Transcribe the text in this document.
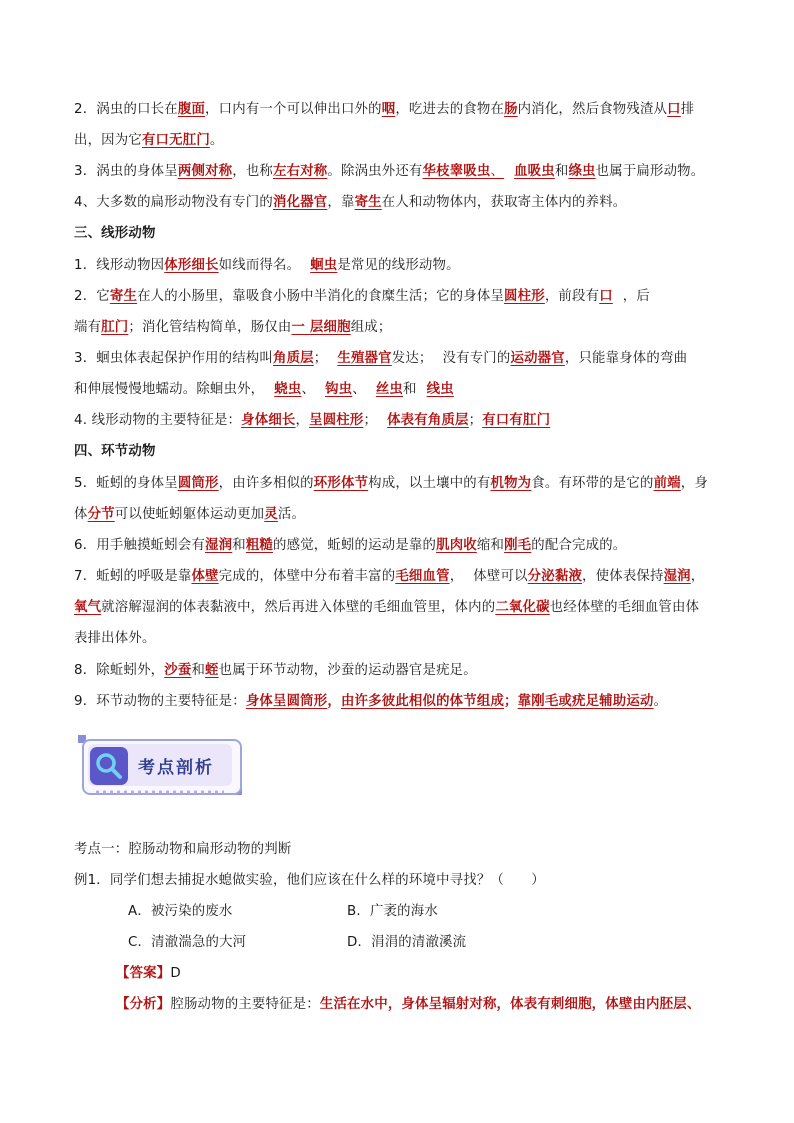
2．涡虫的口长在腹面，口内有一个可以伸出口外的咽，吃进去的食物在肠内消化，然后食物残渣从口排
出，因为它有口无肛门。
3．涡虫的身体呈两侧对称，也称左右对称。除涡虫外还有华枝睾吸虫、 血吸虫和绦虫也属于扁形动物。
4、大多数的扁形动物没有专门的消化器官，靠寄生在人和动物体内，获取寄主体内的养料。
三、线形动物
1．线形动物因体形细长如线而得名。 蛔虫是常见的线形动物。
2．它寄生在人的小肠里，靠吸食小肠中半消化的食糜生活；它的身体呈圆柱形，前段有口 ，后
端有肛门；消化管结构简单，肠仅由一 层细胞组成；
3．蛔虫体表起保护作用的结构叫角质层； 生殖器官发达； 没有专门的运动器官，只能靠身体的弯曲
和伸展慢慢地蠕动。除蛔虫外， 蛲虫、 钩虫、 丝虫和 线虫
4. 线形动物的主要特征是：身体细长，呈圆柱形； 体表有角质层；有口有肛门
四、环节动物
5．蚯蚓的身体呈圆筒形，由许多相似的环形体节构成，以土壤中的有机物为食。有环带的是它的前端，身
体分节可以使蚯蚓躯体运动更加灵活。
6．用手触摸蚯蚓会有湿润和粗糙的感觉，蚯蚓的运动是靠的肌肉收缩和刚毛的配合完成的。
7．蚯蚓的呼吸是靠体壁完成的，体壁中分布着丰富的毛细血管， 体壁可以分泌黏液，使体表保持湿润，
氧气就溶解湿润的体表黏液中，然后再进入体壁的毛细血管里，体内的二氧化碳也经体壁的毛细血管由体
表排出体外。
8．除蚯蚓外，沙蚕和蛭也属于环节动物，沙蚕的运动器官是疣足。
9．环节动物的主要特征是：身体呈圆筒形，由许多彼此相似的体节组成；靠刚毛或疣足辅助运动。
考点剖析
考点一：腔肠动物和扁形动物的判断
例1．同学们想去捕捉水螅做实验，他们应该在什么样的环境中寻找？（　　）
A．被污染的废水	B．广袤的海水
C．清澈湍急的大河	D．涓涓的清澈溪流
【答案】D
【分析】腔肠动物的主要特征是：生活在水中，身体呈辐射对称，体表有刺细胞，体壁由内胚层、
